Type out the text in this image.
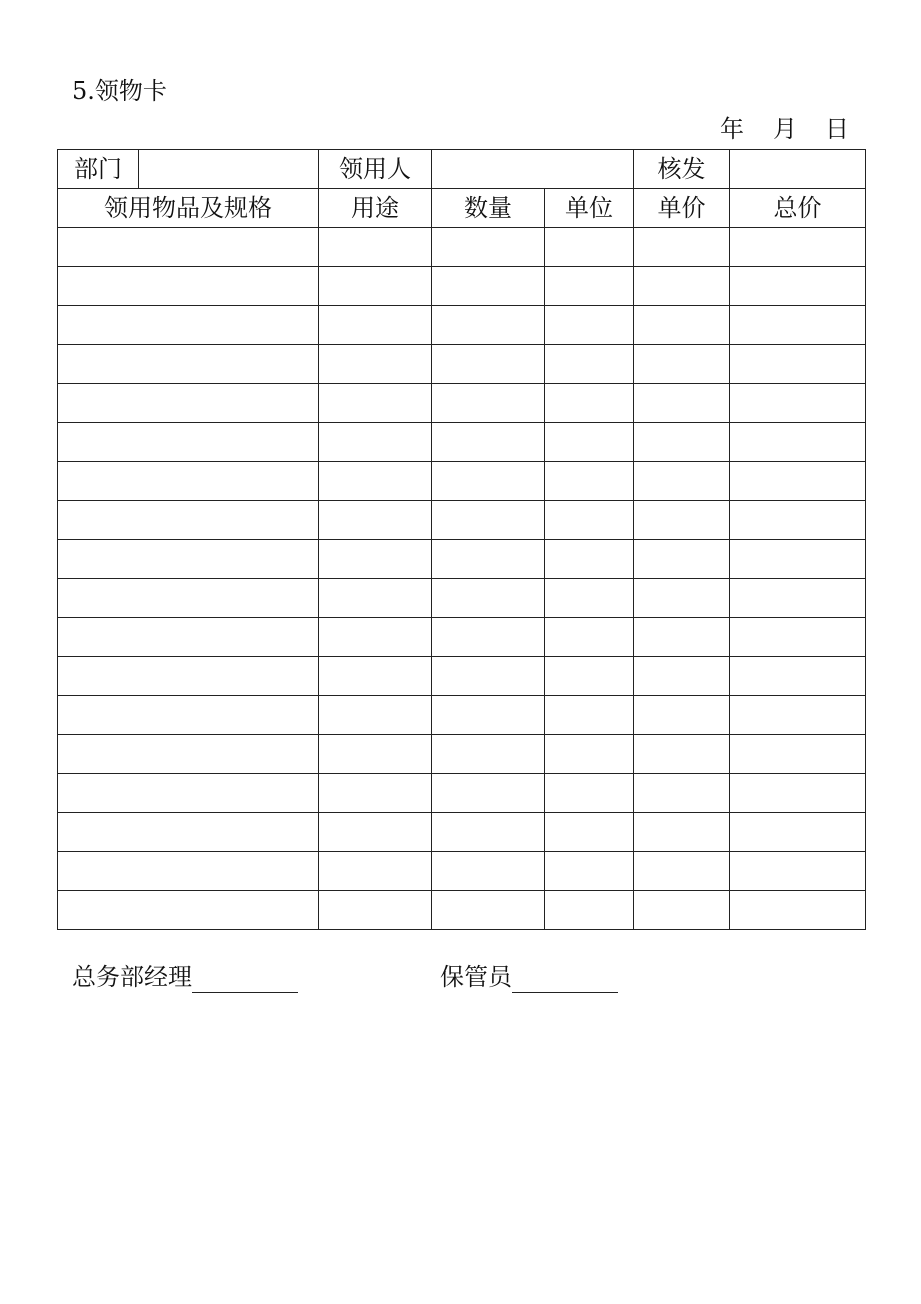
5.领物卡
年 月 日
部门		领用人			核发	
领用物品及规格		用途	数量	单位	单价	总价

总务部经理	保管员
